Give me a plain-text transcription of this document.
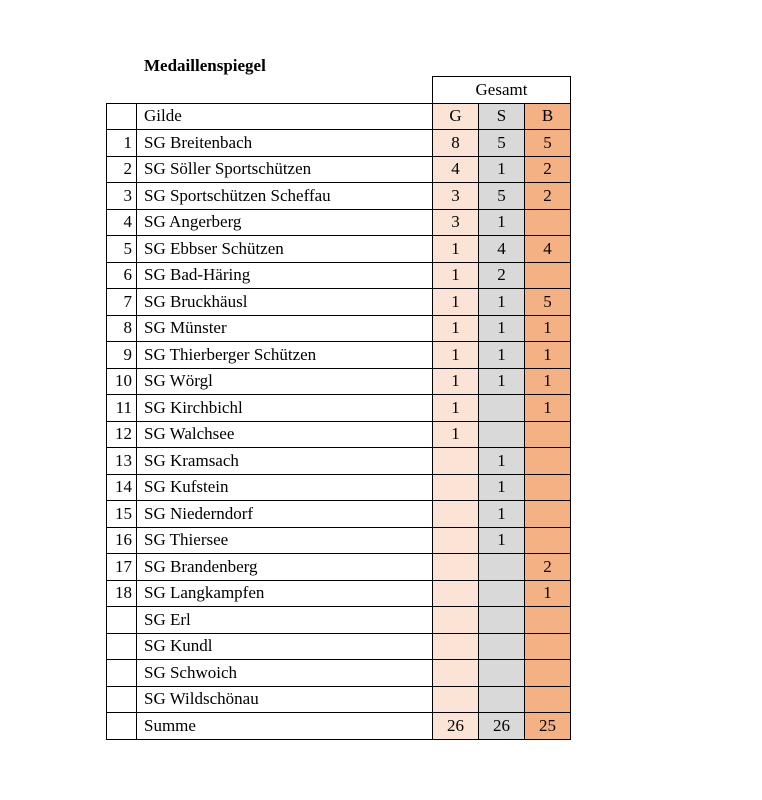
Medaillenspiegel
		Gesamt		
	Gilde	G	S	B
1	SG Breitenbach	8	5	5
2	SG Söller Sportschützen	4	1	2
3	SG Sportschützen Scheffau	3	5	2
4	SG Angerberg	3	1	
5	SG Ebbser Schützen	1	4	4
6	SG Bad-Häring	1	2	
7	SG Bruckhäusl	1	1	5
8	SG Münster	1	1	1
9	SG Thierberger Schützen	1	1	1
10	SG Wörgl	1	1	1
11	SG Kirchbichl	1		1
12	SG Walchsee	1		
13	SG Kramsach		1	
14	SG Kufstein		1	
15	SG Niederndorf		1	
16	SG Thiersee		1	
17	SG Brandenberg			2
18	SG Langkampfen			1
	SG Erl			
	SG Kundl			
	SG Schwoich			
	SG Wildschönau			
	Summe	26	26	25
